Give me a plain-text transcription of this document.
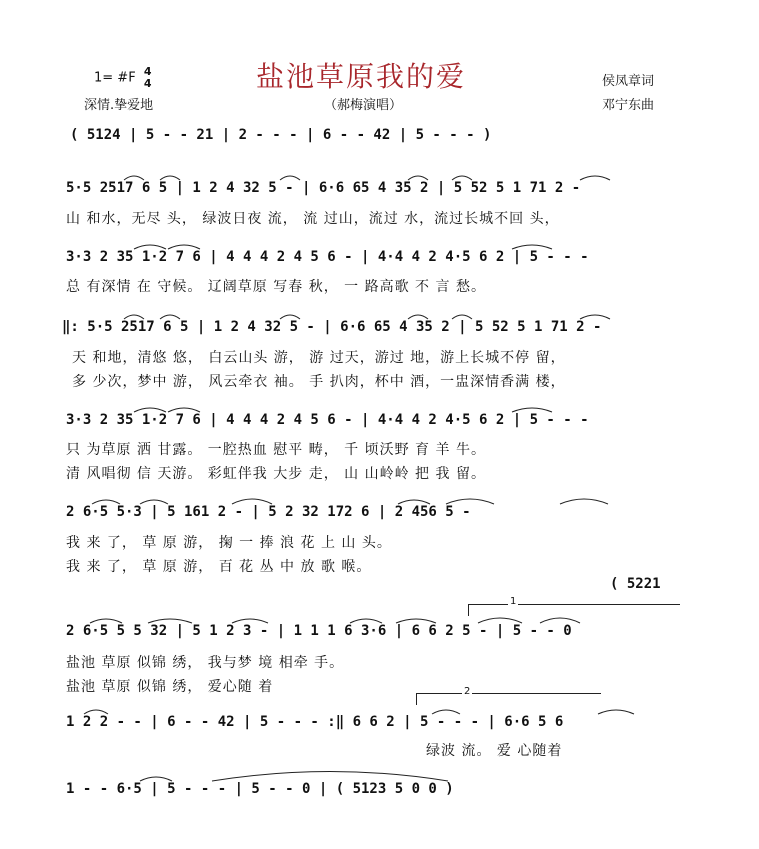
1= #F 4
4
深情.挚爱地
盐池草原我的爱
（郝梅演唱）
侯凤章词
邓宁东曲
( 5124 | 5 - - 21 | 2 - - - | 6 - - 42 | 5 - - - )
5·5 2517 6 5 | 1 2 4 32 5 - | 6·6 65 4 35 2 | 5 52 5 1 71 2 -
山 和水，无尽 头， 绿波日夜 流， 流 过山，流过 水，流过长城不回 头，
3·3 2 35 1·2 7 6 | 4 4 4 2 4 5 6 - | 4·4 4 2 4·5 6 2 | 5 - - -
总 有深情 在 守候。 辽阔草原 写春 秋， 一 路高歌 不 言 愁。
‖: 5·5 2517 6 5 | 1 2 4 32 5 - | 6·6 65 4 35 2 | 5 52 5 1 71 2 -
天 和地，清悠 悠， 白云山头 游， 游 过天，游过 地，游上长城不停 留，
多 少次，梦中 游， 风云牵衣 袖。 手 扒肉，杯中 酒，一盅深情香满 楼，
3·3 2 35 1·2 7 6 | 4 4 4 2 4 5 6 - | 4·4 4 2 4·5 6 2 | 5 - - -
只 为草原 洒 甘露。 一腔热血 慰平 畴， 千 顷沃野 育 羊 牛。
清 风唱彻 信 天游。 彩虹伴我 大步 走， 山 山岭岭 把 我 留。
2 6·5 5·3 | 5 161 2 - | 5 2 32 172 6 | 2 456 5 -
我 来 了， 草 原 游， 掬 一 捧 浪 花 上 山 头。
我 来 了， 草 原 游， 百 花 丛 中 放 歌 喉。
( 5221
2 6·5 5 5 32 | 5 1 2 3 - | 1 1 1 6 3·6 | 6 6 2 5 - | 5 - - 0
盐池 草原 似锦 绣， 我与梦 境 相牵 手。
盐池 草原 似锦 绣， 爱心随 着
1
2
1 2 2 - - | 6 - - 42 | 5 - - - :‖ 6 6 2 | 5 - - - | 6·6 5 6
绿波 流。 爱 心随着
1 - - 6·5 | 5 - - - | 5 - - 0 | ( 5123 5 0 0 )
